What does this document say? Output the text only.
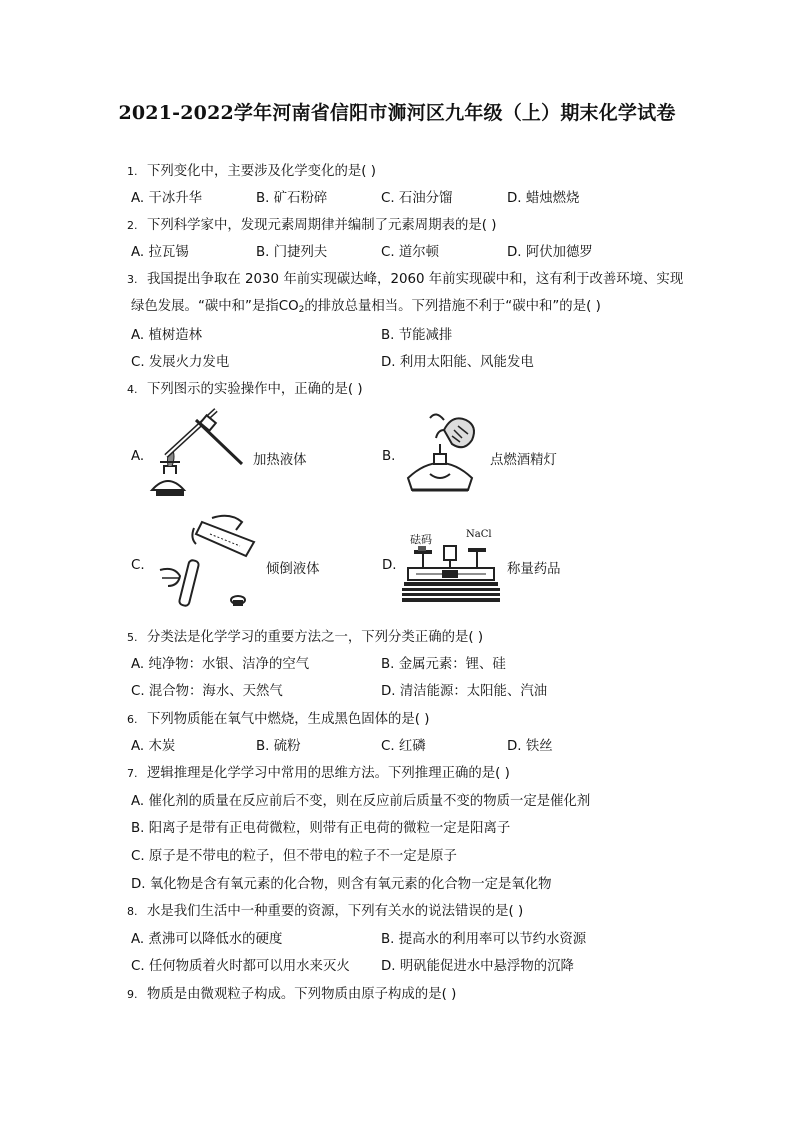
2021-2022学年河南省信阳市浉河区九年级（上）期末化学试卷
1. 下列变化中，主要涉及化学变化的是( )
A. 干冰升华	B. 矿石粉碎	C. 石油分馏	D. 蜡烛燃烧
2. 下列科学家中，发现元素周期律并编制了元素周期表的是( )
A. 拉瓦锡	B. 门捷列夫	C. 道尔顿	D. 阿伏加德罗
3. 我国提出争取在 2030 年前实现碳达峰，2060 年前实现碳中和，这有利于改善环境、实现
绿色发展。“碳中和”是指$CO_2$的排放总量相当。下列措施不利于“碳中和”的是( )
A. 植树造林	B. 节能减排
C. 发展火力发电	D. 利用太阳能、风能发电
4. 下列图示的实验操作中，正确的是( )
A.	加热液体	B.	点燃酒精灯
C.	倾倒液体	D.
砝码	NaCl
称量药品
5. 分类法是化学学习的重要方法之一，下列分类正确的是( )
A. 纯净物：水银、洁净的空气	B. 金属元素：锂、硅
C. 混合物：海水、天然气	D. 清洁能源：太阳能、汽油
6. 下列物质能在氧气中燃烧，生成黑色固体的是( )
A. 木炭	B. 硫粉	C. 红磷	D. 铁丝
7. 逻辑推理是化学学习中常用的思维方法。下列推理正确的是( )
A. 催化剂的质量在反应前后不变，则在反应前后质量不变的物质一定是催化剂
B. 阳离子是带有正电荷微粒，则带有正电荷的微粒一定是阳离子
C. 原子是不带电的粒子，但不带电的粒子不一定是原子
D. 氧化物是含有氧元素的化合物，则含有氧元素的化合物一定是氧化物
8. 水是我们生活中一种重要的资源，下列有关水的说法错误的是( )
A. 煮沸可以降低水的硬度	B. 提高水的利用率可以节约水资源
C. 任何物质着火时都可以用水来灭火 D. 明矾能促进水中悬浮物的沉降
9. 物质是由微观粒子构成。下列物质由原子构成的是( )
